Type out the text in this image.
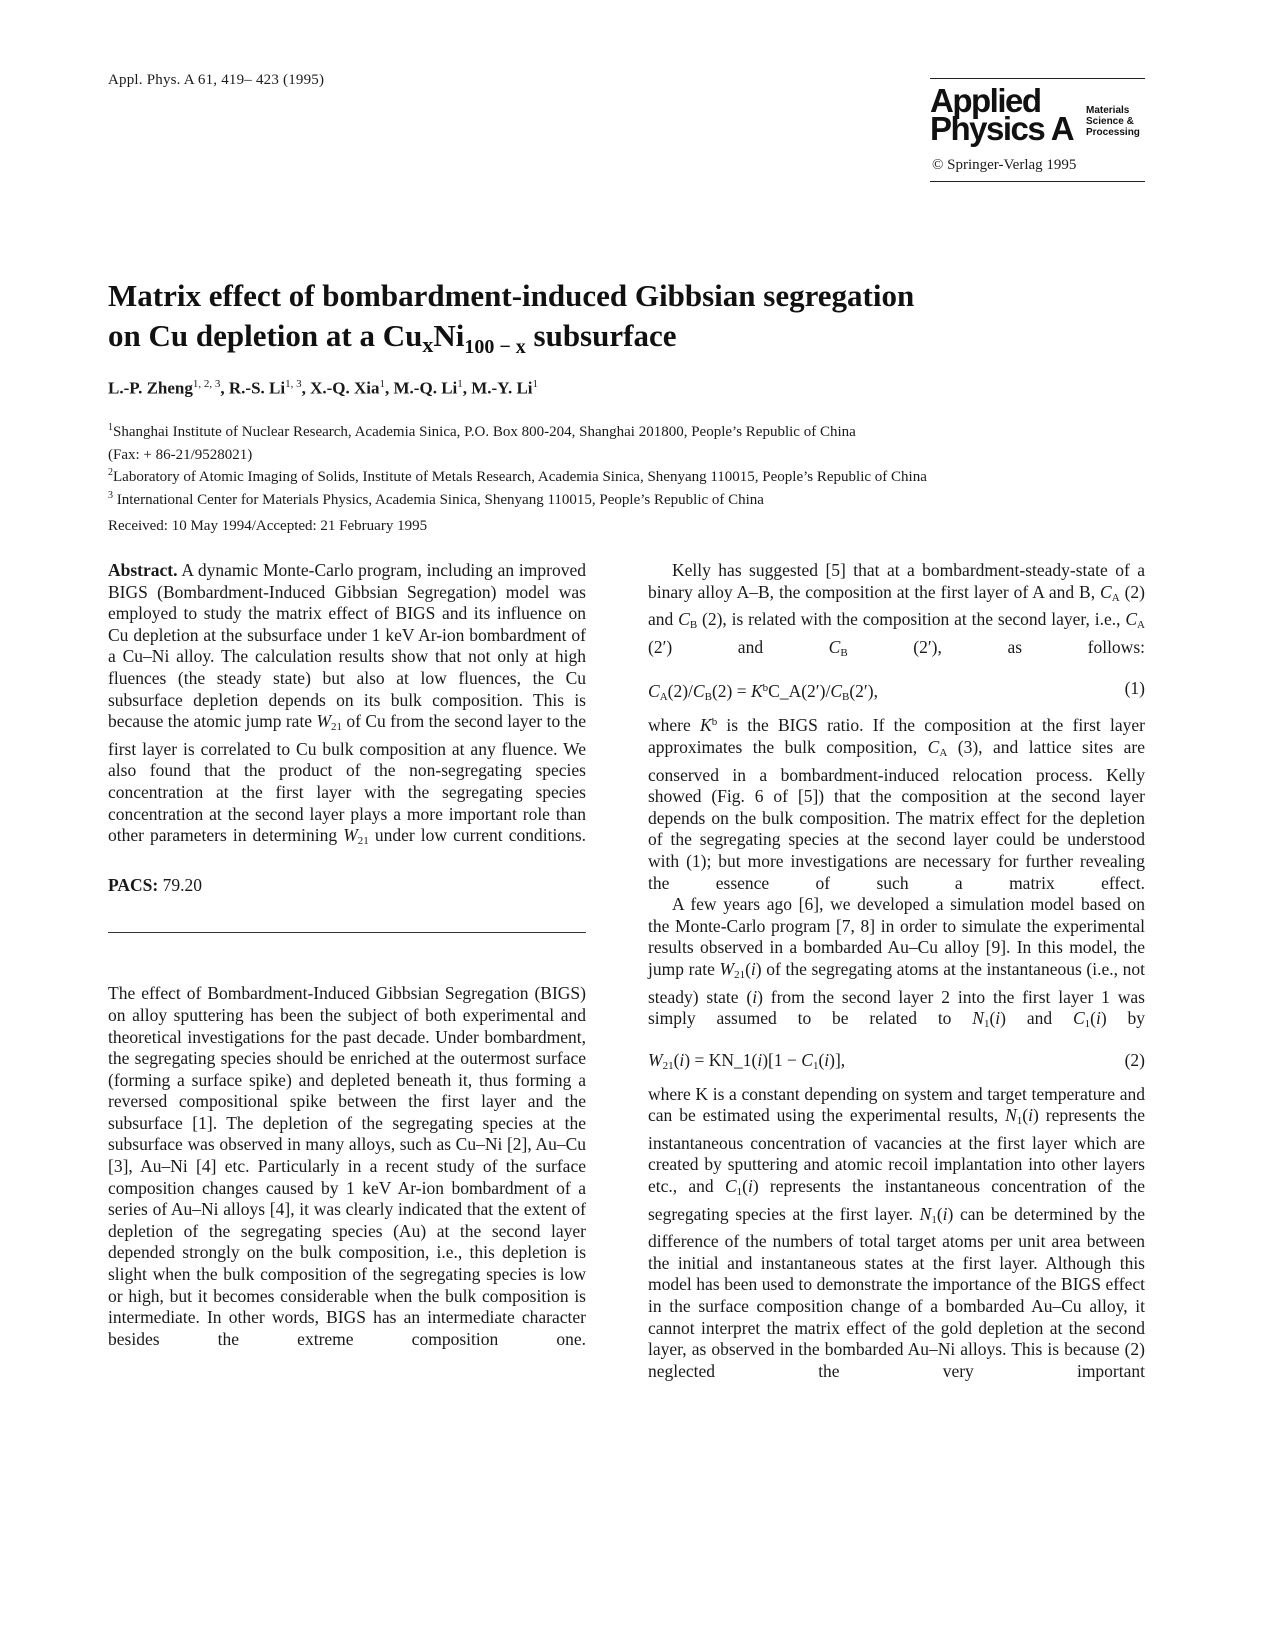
Appl. Phys. A 61, 419– 423 (1995)
Applied
Physics A Materials
Science &
Processing
© Springer-Verlag 1995
Matrix effect of bombardment-induced Gibbsian segregation
on Cu depletion at a CuxNi$_{100 - x}$ subsurface
L.-P. Zheng$^{1, 2, 3}$, R.-S. Li$^{1, 3}$, X.-Q. Xia$^1$, M.-Q. Li$^1$, M.-Y. Li$^1$
$^1$Shanghai Institute of Nuclear Research, Academia Sinica, P.O. Box 800-204, Shanghai 201800, People’s Republic of China
(Fax: + 86-21/9528021)
$^2$Laboratory of Atomic Imaging of Solids, Institute of Metals Research, Academia Sinica, Shenyang 110015, People’s Republic of China
$^3$ International Center for Materials Physics, Academia Sinica, Shenyang 110015, People’s Republic of China
Received: 10 May 1994/Accepted: 21 February 1995

Abstract. A dynamic Monte-Carlo program, including an improved BIGS (Bombardment-Induced Gibbsian Segregation) model was employed to study the matrix effect of BIGS and its influence on Cu depletion at the subsurface under 1 keV Ar-ion bombardment of a Cu–Ni alloy. The calculation results show that not only at high fluences (the steady state) but also at low fluences, the Cu subsurface depletion depends on its bulk composition. This is because the atomic jump rate $W_{21}$ of Cu from the second layer to the first layer is correlated to Cu bulk composition at any fluence. We also found that the product of the non-segregating species concentration at the first layer with the segregating species concentration at the second layer plays a more important role than other parameters in determining $W_{21}$ under low current conditions.

PACS: 79.20

The effect of Bombardment-Induced Gibbsian Segregation (BIGS) on alloy sputtering has been the subject of both experimental and theoretical investigations for the past decade. Under bombardment, the segregating species should be enriched at the outermost surface (forming a surface spike) and depleted beneath it, thus forming a reversed compositional spike between the first layer and the subsurface [1]. The depletion of the segregating species at the subsurface was observed in many alloys, such as Cu–Ni [2], Au–Cu [3], Au–Ni [4] etc. Particularly in a recent study of the surface composition changes caused by 1 keV Ar-ion bombardment of a series of Au–Ni alloys [4], it was clearly indicated that the extent of depletion of the segregating species (Au) at the second layer depended strongly on the bulk composition, i.e., this depletion is slight when the bulk composition of the segregating species is low or high, but it becomes considerable when the bulk composition is intermediate. In other words, BIGS has an intermediate character besides the extreme composition one.

Kelly has suggested [5] that at a bombardment-steady-state of a binary alloy A–B, the composition at the first layer of A and B, $C_A$ (2) and $C_B$ (2), is related with the composition at the second layer, i.e., $C_A$ (2′) and $C_B$ (2′), as follows:

$C_A(2)/C_B(2)$ = $K^bC\_A(2')/C_B(2')$,	(1)

where $K^b$ is the BIGS ratio. If the composition at the first layer approximates the bulk composition, $C_A$ (3), and lattice sites are conserved in a bombardment-induced relocation process. Kelly showed (Fig. 6 of [5]) that the composition at the second layer depends on the bulk composition. The matrix effect for the depletion of the segregating species at the second layer could be understood with (1); but more investigations are necessary for further revealing the essence of such a matrix effect.

A few years ago [6], we developed a simulation model based on the Monte-Carlo program [7, 8] in order to simulate the experimental results observed in a bombarded Au–Cu alloy [9]. In this model, the jump rate $W_{21}(i)$ of the segregating atoms at the instantaneous (i.e., not steady) state (i) from the second layer 2 into the first layer 1 was simply assumed to be related to $N_1(i)$ and $C_1(i)$ by

$W_{21}(i)$ = KN_1(i)[1 − $C_1(i)$],	(2)

where K is a constant depending on system and target temperature and can be estimated using the experimental results, $N_1(i)$ represents the instantaneous concentration of vacancies at the first layer which are created by sputtering and atomic recoil implantation into other layers etc., and $C_1(i)$ represents the instantaneous concentration of the segregating species at the first layer. $N_1(i)$ can be determined by the difference of the numbers of total target atoms per unit area between the initial and instantaneous states at the first layer. Although this model has been used to demonstrate the importance of the BIGS effect in the surface composition change of a bombarded Au–Cu alloy, it cannot interpret the matrix effect of the gold depletion at the second layer, as observed in the bombarded Au–Ni alloys. This is because (2) neglected the very important
